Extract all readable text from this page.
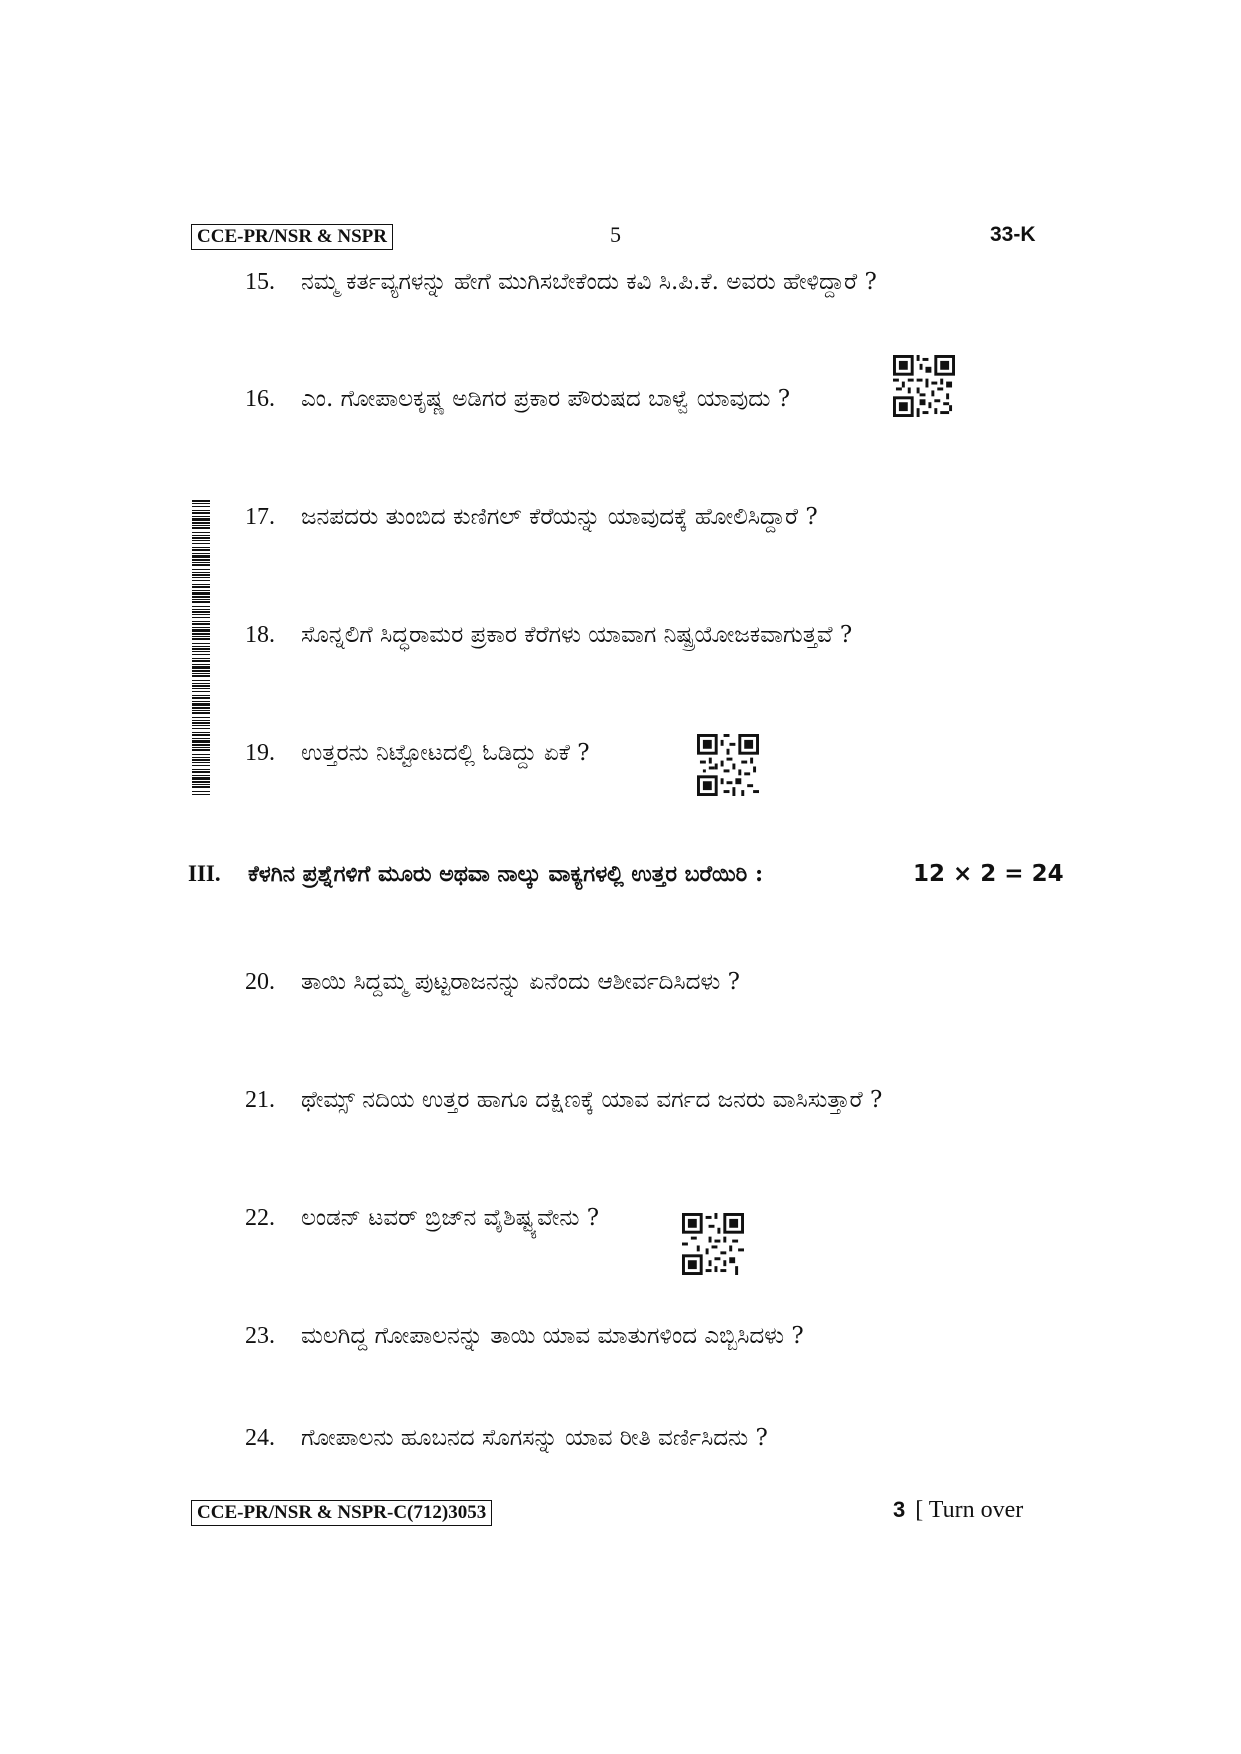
CCE-PR/NSR & NSPR	5	33-K
15. ನಮ್ಮ ಕರ್ತವ್ಯಗಳನ್ನು ಹೇಗೆ ಮುಗಿಸಬೇಕೆಂದು ಕವಿ ಸಿ.ಪಿ.ಕೆ. ಅವರು ಹೇಳಿದ್ದಾರೆ ?
16. ಎಂ. ಗೋಪಾಲಕೃಷ್ಣ ಅಡಿಗರ ಪ್ರಕಾರ ಪೌರುಷದ ಬಾಳ್ವೆ ಯಾವುದು ?
17. ಜನಪದರು ತುಂಬಿದ ಕುಣಿಗಲ್ ಕೆರೆಯನ್ನು ಯಾವುದಕ್ಕೆ ಹೋಲಿಸಿದ್ದಾರೆ ?
18. ಸೊನ್ನಲಿಗೆ ಸಿದ್ಧರಾಮರ ಪ್ರಕಾರ ಕೆರೆಗಳು ಯಾವಾಗ ನಿಷ್ಪ್ರಯೋಜಕವಾಗುತ್ತವೆ ?
19. ಉತ್ತರನು ನಿಟ್ಟೋಟದಲ್ಲಿ ಓಡಿದ್ದು ಏಕೆ ?
III. ಕೆಳಗಿನ ಪ್ರಶ್ನೆಗಳಿಗೆ ಮೂರು ಅಥವಾ ನಾಲ್ಕು ವಾಕ್ಯಗಳಲ್ಲಿ ಉತ್ತರ ಬರೆಯಿರಿ :	12 × 2 = 24
20. ತಾಯಿ ಸಿದ್ದಮ್ಮ ಪುಟ್ಟರಾಜನನ್ನು ಏನೆಂದು ಆಶೀರ್ವದಿಸಿದಳು ?
21. ಥೇಮ್ಸ್ ನದಿಯ ಉತ್ತರ ಹಾಗೂ ದಕ್ಷಿಣಕ್ಕೆ ಯಾವ ವರ್ಗದ ಜನರು ವಾಸಿಸುತ್ತಾರೆ ?
22. ಲಂಡನ್ ಟವರ್ ಬ್ರಿಜ್‍ನ ವೈಶಿಷ್ಟ್ಯವೇನು ?
23. ಮಲಗಿದ್ದ ಗೋಪಾಲನನ್ನು ತಾಯಿ ಯಾವ ಮಾತುಗಳಿಂದ ಎಬ್ಬಿಸಿದಳು ?
24. ಗೋಪಾಲನು ಹೂಬನದ ಸೊಗಸನ್ನು ಯಾವ ರೀತಿ ವರ್ಣಿಸಿದನು ?
CCE-PR/NSR & NSPR-C(712)3053	3 [ Turn over
